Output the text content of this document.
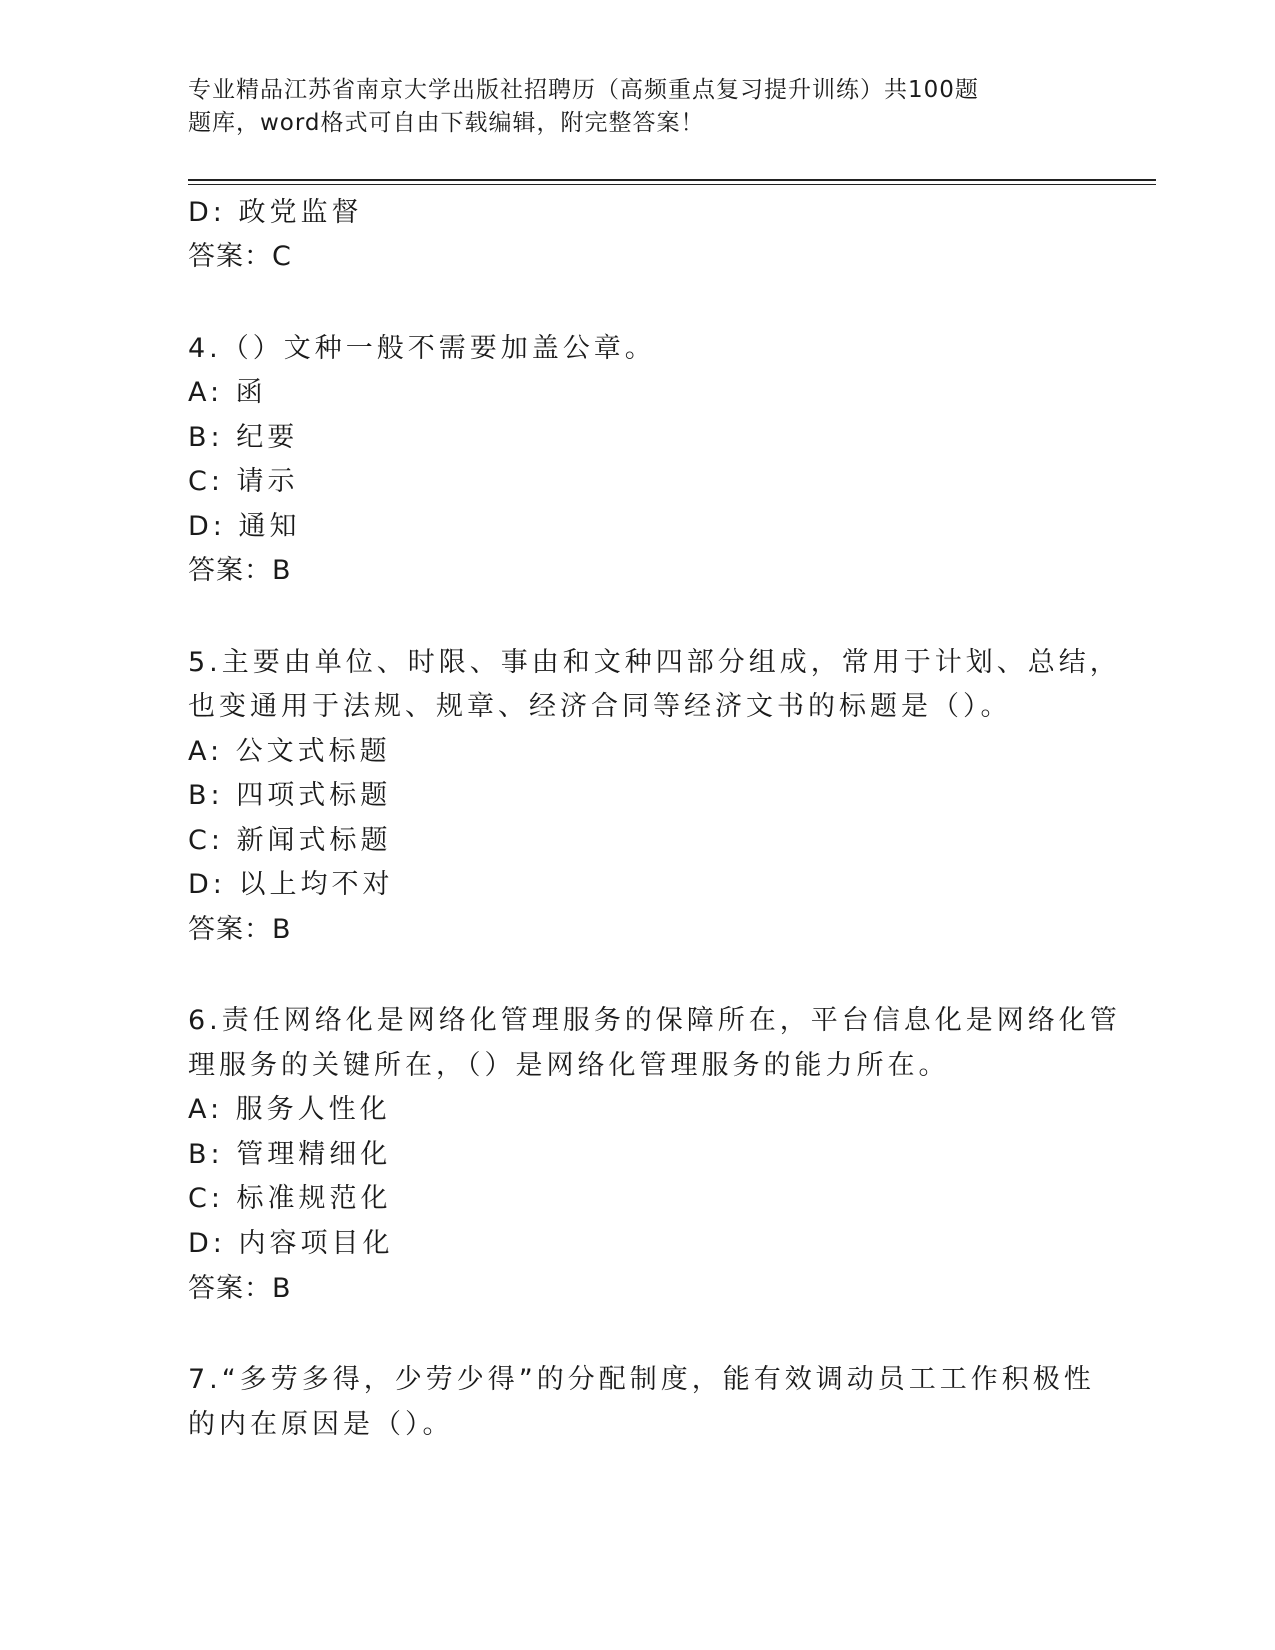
专业精品江苏省南京大学出版社招聘历（高频重点复习提升训练）共100题
题库，word格式可自由下载编辑，附完整答案！
D: 政党监督
答案：C
4.（）文种一般不需要加盖公章。
A: 函
B: 纪要
C: 请示
D: 通知
答案：B
5.主要由单位、时限、事由和文种四部分组成，常用于计划、总结，
也变通用于法规、规章、经济合同等经济文书的标题是（）。
A: 公文式标题
B: 四项式标题
C: 新闻式标题
D: 以上均不对
答案：B
6.责任网络化是网络化管理服务的保障所在，平台信息化是网络化管
理服务的关键所在，（）是网络化管理服务的能力所在。
A: 服务人性化
B: 管理精细化
C: 标准规范化
D: 内容项目化
答案：B
7.“多劳多得，少劳少得”的分配制度，能有效调动员工工作积极性
的内在原因是（）。
